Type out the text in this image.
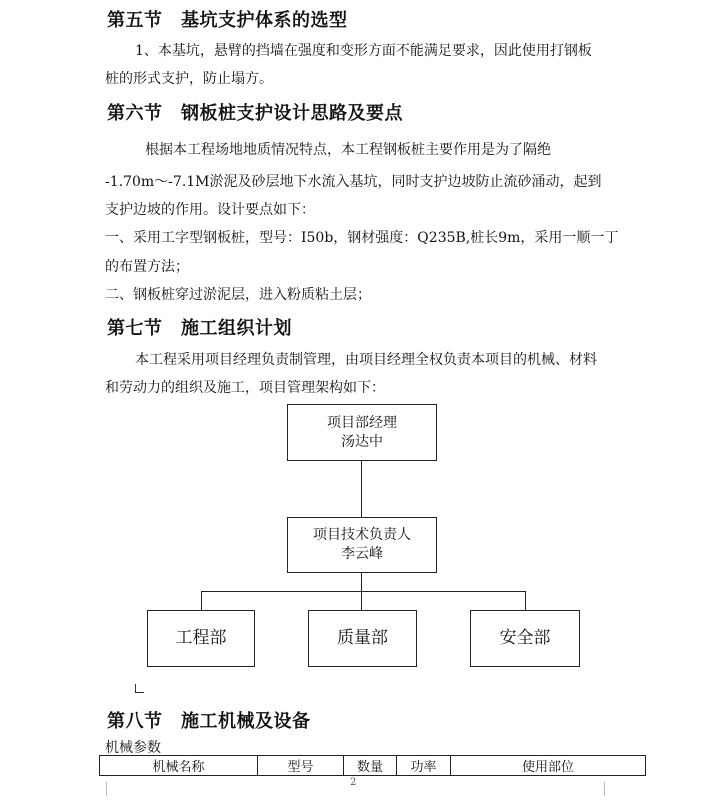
第五节　基坑支护体系的选型
1、本基坑，悬臂的挡墙在强度和变形方面不能满足要求，因此使用打钢板
桩的形式支护，防止塌方。
第六节　钢板桩支护设计思路及要点
根据本工程场地地质情况特点，本工程钢板桩主要作用是为了隔绝
-1.70m～-7.1M淤泥及砂层地下水流入基坑，同时支护边坡防止流砂涌动，起到
支护边坡的作用。设计要点如下：
一、采用工字型钢板桩，型号：I50b，钢材强度：Q235B,桩长9m，采用一顺一丁
的布置方法；
二、钢板桩穿过淤泥层，进入粉质粘土层；
第七节　施工组织计划
本工程采用项目经理负责制管理，由项目经理全权负责本项目的机械、材料
和劳动力的组织及施工，项目管理架构如下：
项目部经理
汤达中
项目技术负责人
李云峰
工程部	质量部	安全部
第八节　施工机械及设备
机械参数
机械名称	型号	数量	功率	使用部位
2
